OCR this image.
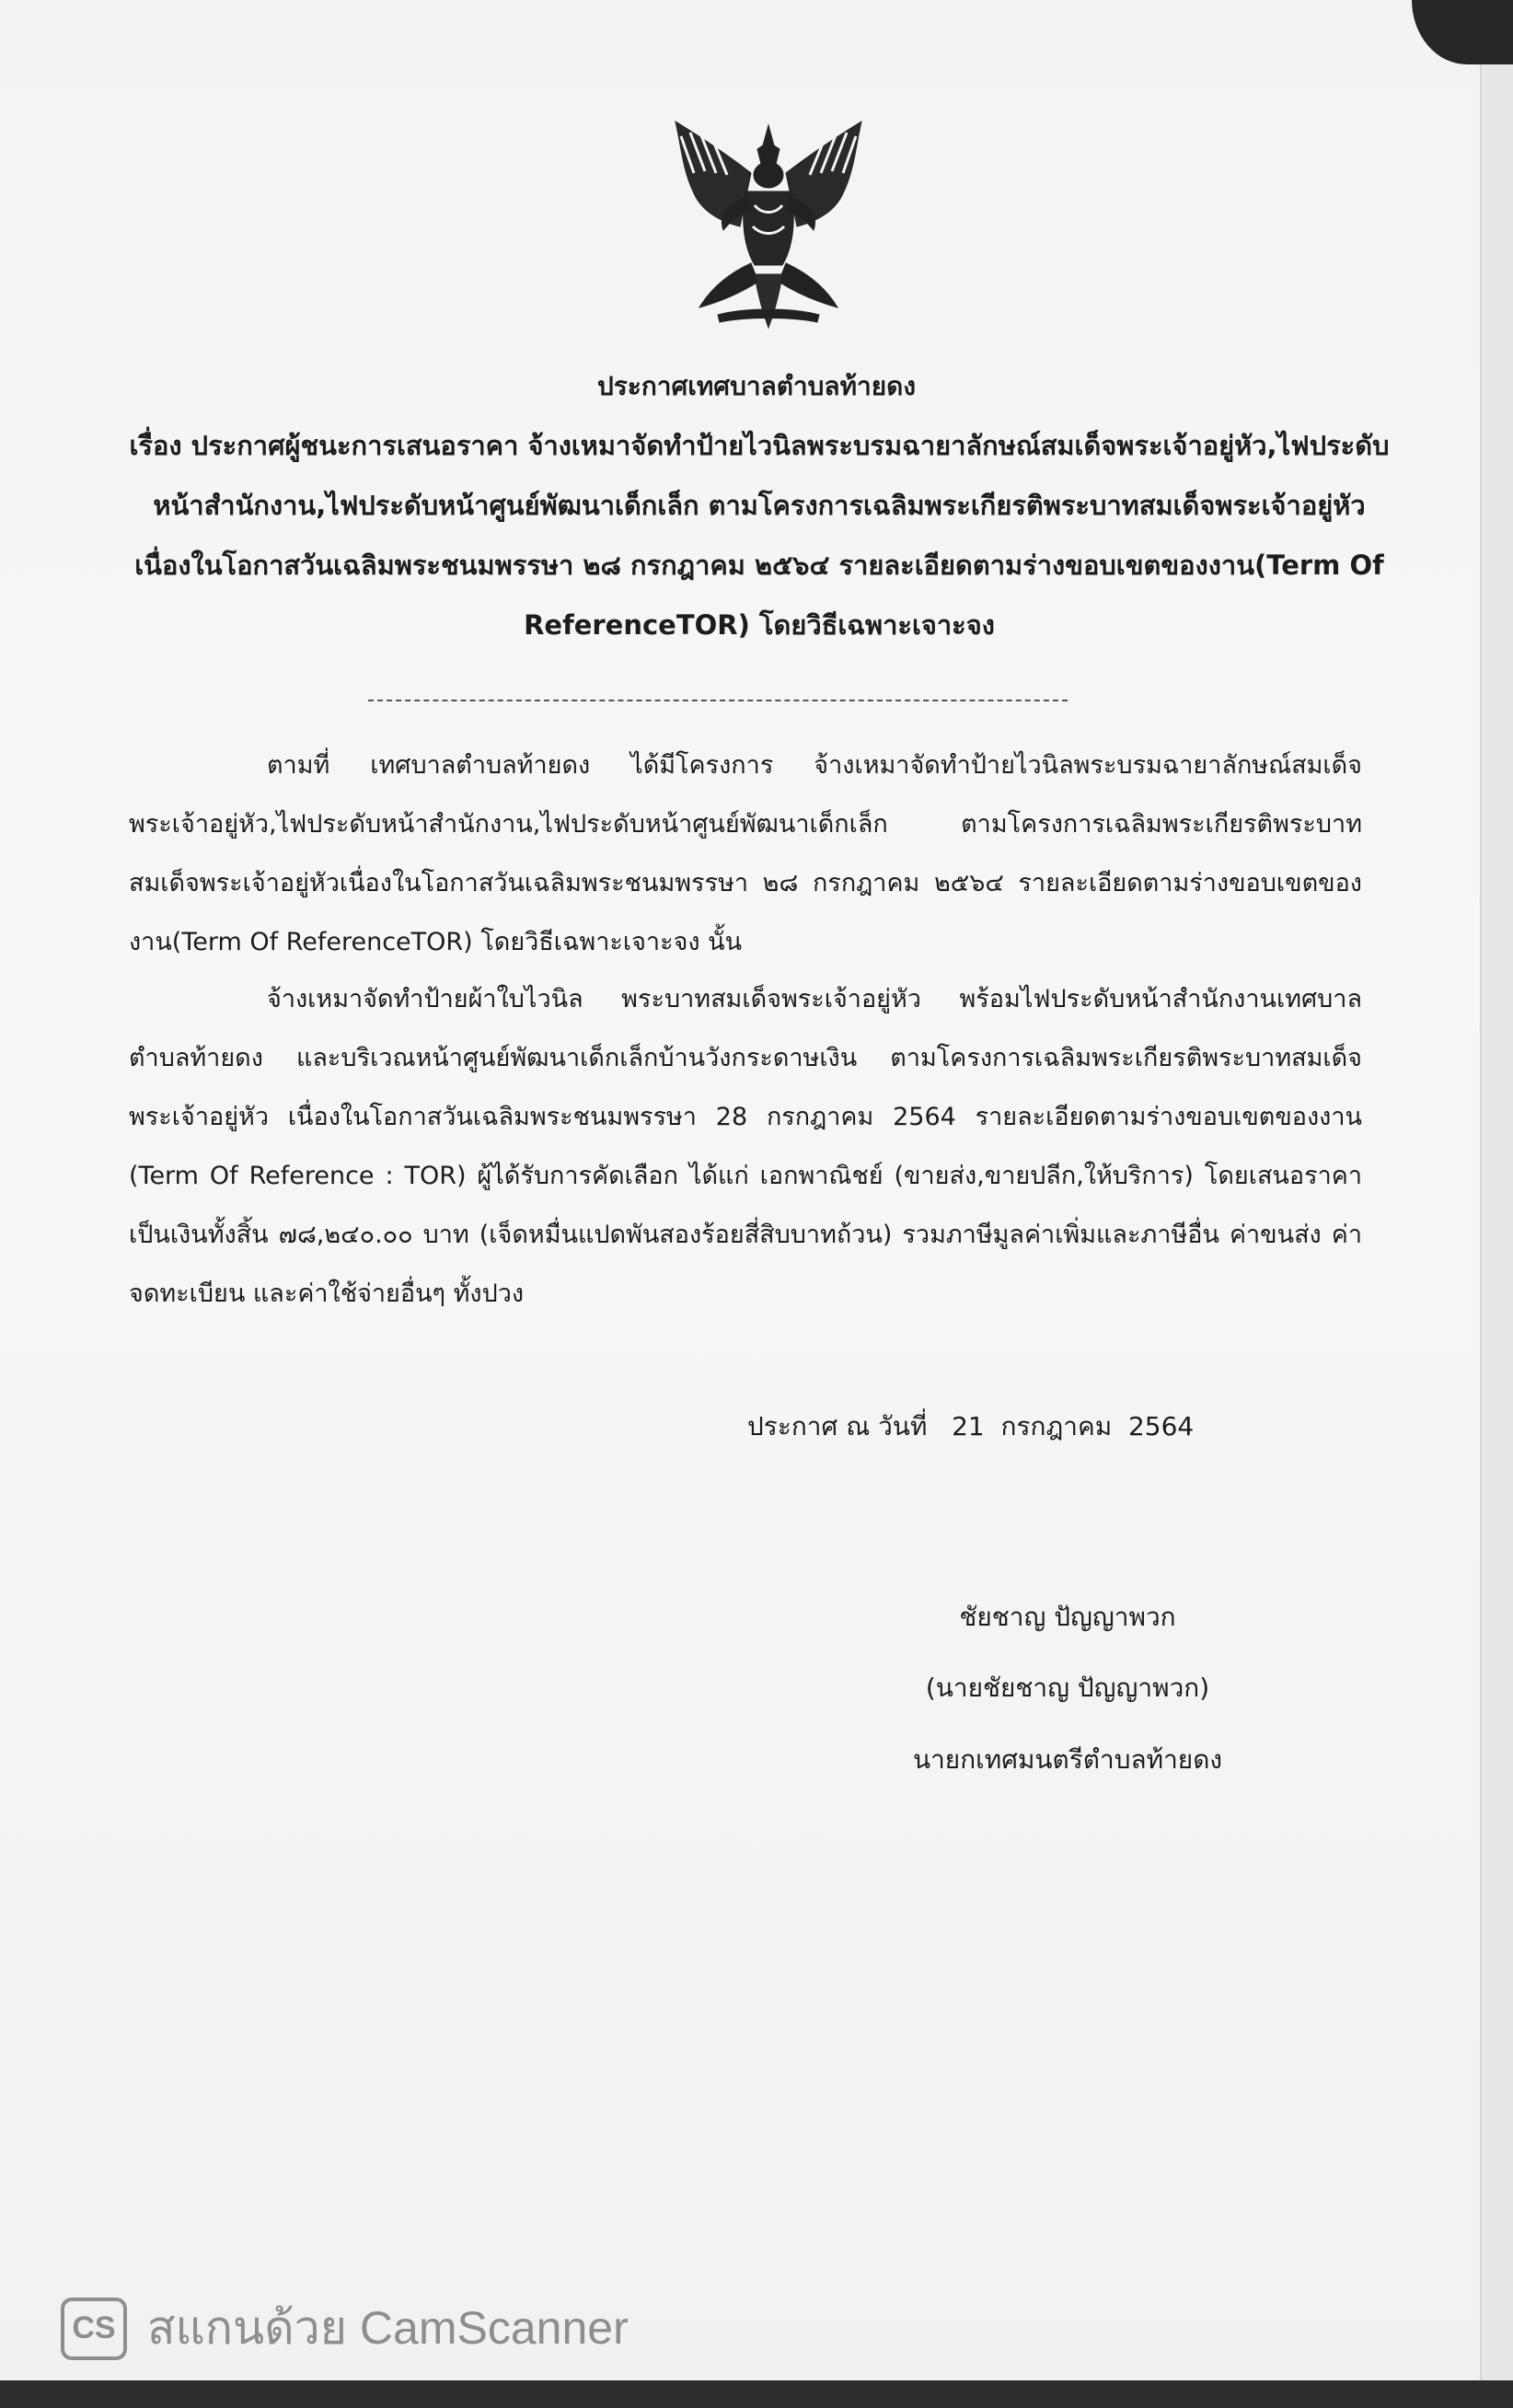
ประกาศเทศบาลตำบลท้ายดง
เรื่อง ประกาศผู้ชนะการเสนอราคา จ้างเหมาจัดทำป้ายไวนิลพระบรมฉายาลักษณ์สมเด็จพระเจ้าอยู่หัว,ไฟประดับหน้าสำนักงาน,ไฟประดับหน้าศูนย์พัฒนาเด็กเล็ก ตามโครงการเฉลิมพระเกียรติพระบาทสมเด็จพระเจ้าอยู่หัวเนื่องในโอกาสวันเฉลิมพระชนมพรรษา ๒๘ กรกฎาคม ๒๕๖๔ รายละเอียดตามร่างขอบเขตของงาน(Term Of ReferenceTOR) โดยวิธีเฉพาะเจาะจง
ตามที่ เทศบาลตำบลท้ายดง ได้มีโครงการ จ้างเหมาจัดทำป้ายไวนิลพระบรมฉายาลักษณ์สมเด็จพระเจ้าอยู่หัว,ไฟประดับหน้าสำนักงาน,ไฟประดับหน้าศูนย์พัฒนาเด็กเล็ก ตามโครงการเฉลิมพระเกียรติพระบาทสมเด็จพระเจ้าอยู่หัวเนื่องในโอกาสวันเฉลิมพระชนมพรรษา ๒๘ กรกฎาคม ๒๕๖๔ รายละเอียดตามร่างขอบเขตของงาน(Term Of ReferenceTOR) โดยวิธีเฉพาะเจาะจง นั้น
จ้างเหมาจัดทำป้ายผ้าใบไวนิล พระบาทสมเด็จพระเจ้าอยู่หัว พร้อมไฟประดับหน้าสำนักงานเทศบาลตำบลท้ายดง และบริเวณหน้าศูนย์พัฒนาเด็กเล็กบ้านวังกระดาษเงิน ตามโครงการเฉลิมพระเกียรติพระบาทสมเด็จพระเจ้าอยู่หัว เนื่องในโอกาสวันเฉลิมพระชนมพรรษา 28 กรกฎาคม 2564 รายละเอียดตามร่างขอบเขตของงาน (Term Of Reference : TOR) ผู้ได้รับการคัดเลือก ได้แก่ เอกพาณิชย์ (ขายส่ง,ขายปลีก,ให้บริการ) โดยเสนอราคาเป็นเงินทั้งสิ้น ๗๘,๒๔๐.๐๐ บาท (เจ็ดหมื่นแปดพันสองร้อยสี่สิบบาทถ้วน) รวมภาษีมูลค่าเพิ่มและภาษีอื่น ค่าขนส่ง ค่าจดทะเบียน และค่าใช้จ่ายอื่นๆ ทั้งปวง
ประกาศ ณ วันที่   21  กรกฎาคม  2564
ชัยชาญ ปัญญาพวก
(นายชัยชาญ ปัญญาพวก)
นายกเทศมนตรีตำบลท้ายดง
CS สแกนด้วย CamScanner
